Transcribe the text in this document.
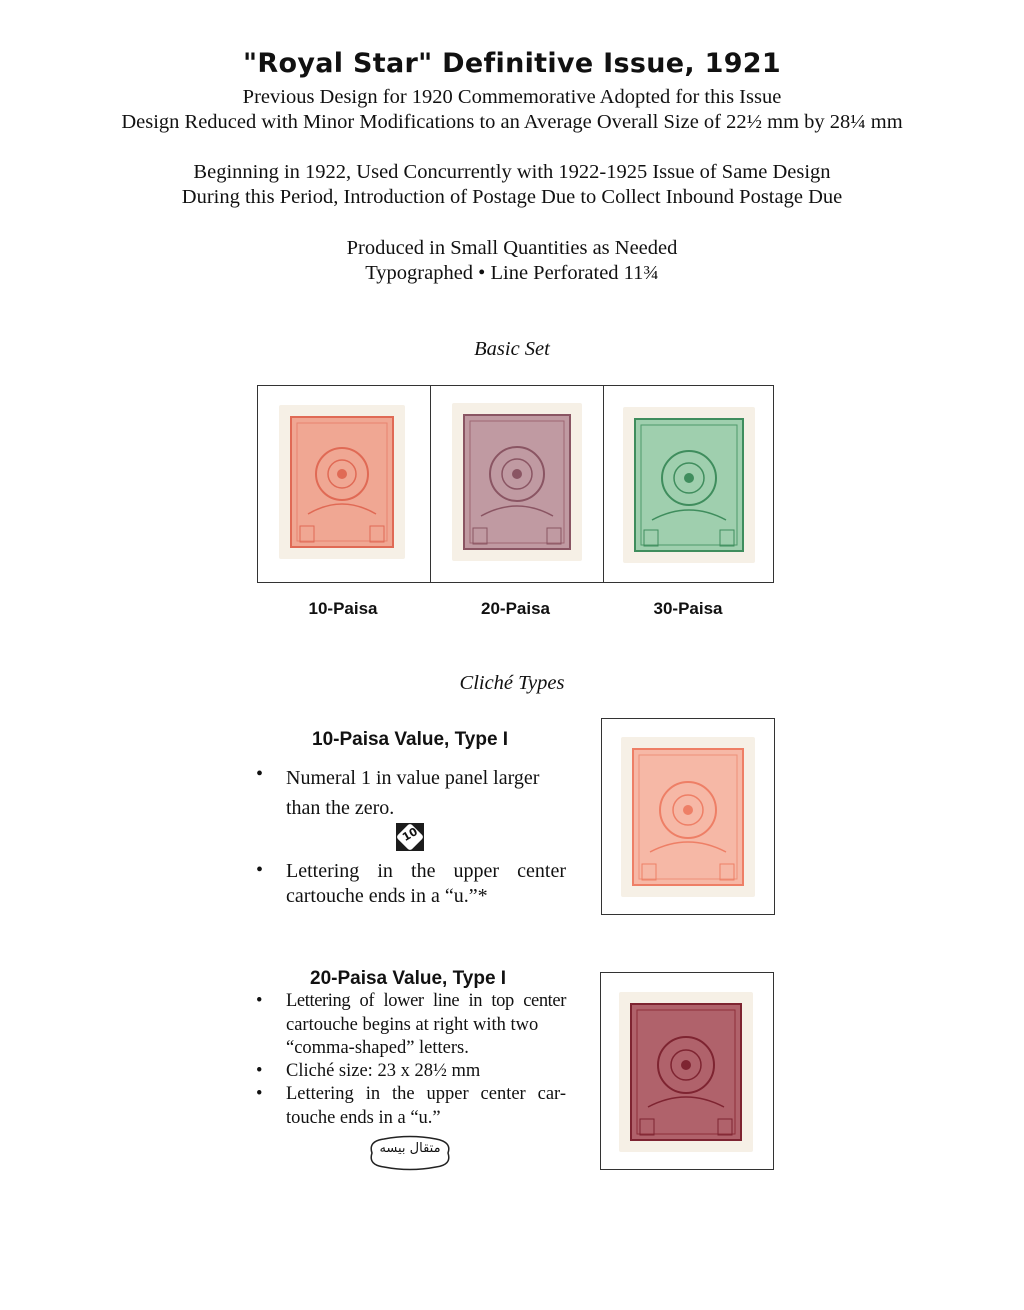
"Royal Star" Definitive Issue, 1921
Previous Design for 1920 Commemorative Adopted for this Issue
Design Reduced with Minor Modifications to an Average Overall Size of 22½ mm by 28¼ mm
Beginning in 1922, Used Concurrently with 1922-1925 Issue of Same Design
During this Period, Introduction of Postage Due to Collect Inbound Postage Due
Produced in Small Quantities as Needed
Typographed • Line Perforated 11¾
Basic Set
10-Paisa	20-Paisa	30-Paisa
Cliché Types
10-Paisa Value, Type I
• Numeral 1 in value panel larger
than the zero.
10
• Lettering in the upper center
cartouche ends in a “u.”*
20-Paisa Value, Type I
• Lettering of lower line in top center
cartouche begins at right with two
“comma-shaped” letters.
• Cliché size: 23 x 28½ mm
• Lettering in the upper center car-
touche ends in a “u.”
متقال بیسه
